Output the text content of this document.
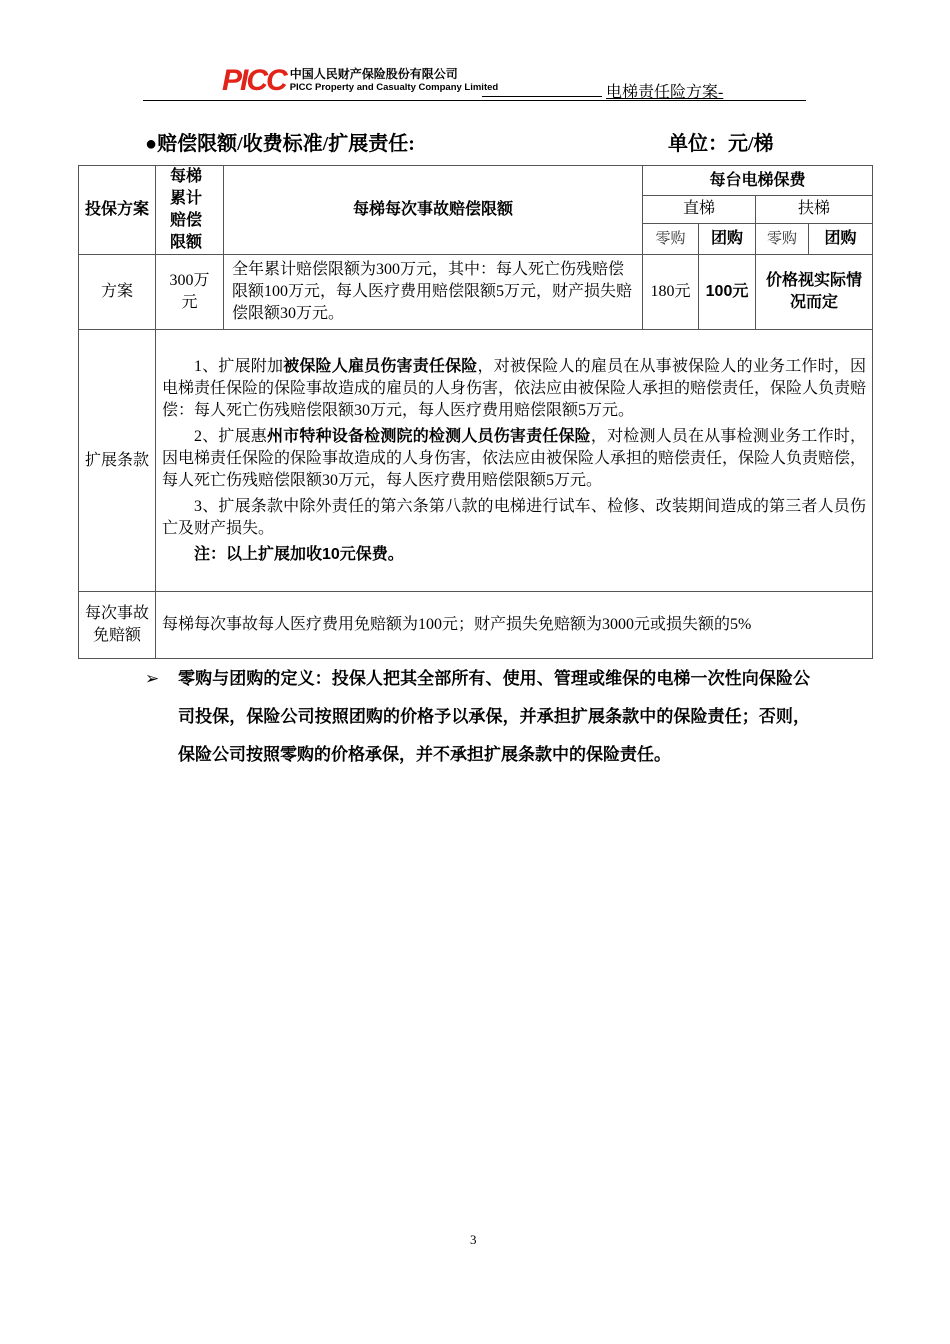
PICC 中国人民财产保险股份有限公司
PICC Property and Casualty Company Limited	电梯责任险方案-
●赔偿限额/收费标准/扩展责任:	单位：元/梯
投保方案	每梯累计赔偿限额	每梯每次事故赔偿限额	每台电梯保费			
			直梯		扶梯	
			零购	团购	零购	团购
方案	300万元	全年累计赔偿限额为300万元，其中：每人死亡伤残赔偿限额100万元，每人医疗费用赔偿限额5万元，财产损失赔偿限额30万元。	180元	100元	价格视实际情况而定	
扩展条款	1、扩展附加被保险人雇员伤害责任保险，对被保险人的雇员在从事被保险人的业务工作时，因电梯责任保险的保险事故造成的雇员的人身伤害，依法应由被保险人承担的赔偿责任，保险人负责赔偿：每人死亡伤残赔偿限额30万元，每人医疗费用赔偿限额5万元。

2、扩展惠州市特种设备检测院的检测人员伤害责任保险，对检测人员在从事检测业务工作时，因电梯责任保险的保险事故造成的人身伤害，依法应由被保险人承担的赔偿责任，保险人负责赔偿，每人死亡伤残赔偿限额30万元，每人医疗费用赔偿限额5万元。

3、扩展条款中除外责任的第六条第八款的电梯进行试车、检修、改装期间造成的第三者人员伤亡及财产损失。

注：以上扩展加收10元保费。					

每次事故免赔额	每梯每次事故每人医疗费用免赔额为100元；财产损失免赔额为3000元或损失额的5%					
➢ 零购与团购的定义：投保人把其全部所有、使用、管理或维保的电梯一次性向保险公司投保，保险公司按照团购的价格予以承保，并承担扩展条款中的保险责任；否则，保险公司按照零购的价格承保，并不承担扩展条款中的保险责任。
3
